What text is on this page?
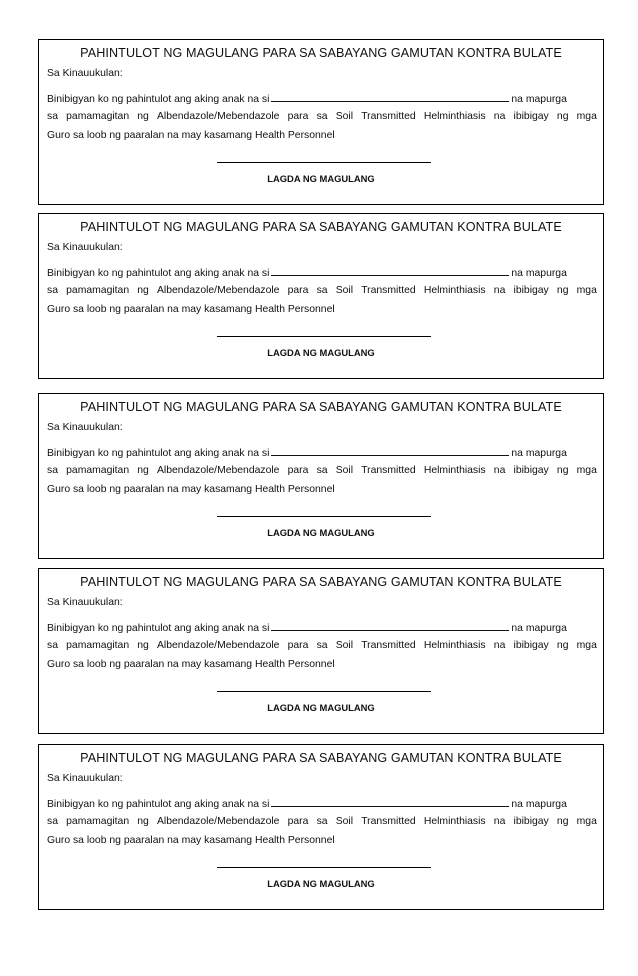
PAHINTULOT NG MAGULANG PARA SA SABAYANG GAMUTAN KONTRA BULATE
Sa Kinauukulan:
Binibigyan ko ng pahintulot ang aking anak na si	na mapurga
sa pamamagitan ng Albendazole/Mebendazole para sa Soil Transmitted Helminthiasis na ibibigay ng mga
Guro sa loob ng paaralan na may kasamang Health Personnel
LAGDA NG MAGULANG
PAHINTULOT NG MAGULANG PARA SA SABAYANG GAMUTAN KONTRA BULATE
Sa Kinauukulan:
Binibigyan ko ng pahintulot ang aking anak na si	na mapurga
sa pamamagitan ng Albendazole/Mebendazole para sa Soil Transmitted Helminthiasis na ibibigay ng mga
Guro sa loob ng paaralan na may kasamang Health Personnel
LAGDA NG MAGULANG
PAHINTULOT NG MAGULANG PARA SA SABAYANG GAMUTAN KONTRA BULATE
Sa Kinauukulan:
Binibigyan ko ng pahintulot ang aking anak na si	na mapurga
sa pamamagitan ng Albendazole/Mebendazole para sa Soil Transmitted Helminthiasis na ibibigay ng mga
Guro sa loob ng paaralan na may kasamang Health Personnel
LAGDA NG MAGULANG
PAHINTULOT NG MAGULANG PARA SA SABAYANG GAMUTAN KONTRA BULATE
Sa Kinauukulan:
Binibigyan ko ng pahintulot ang aking anak na si	na mapurga
sa pamamagitan ng Albendazole/Mebendazole para sa Soil Transmitted Helminthiasis na ibibigay ng mga
Guro sa loob ng paaralan na may kasamang Health Personnel
LAGDA NG MAGULANG
PAHINTULOT NG MAGULANG PARA SA SABAYANG GAMUTAN KONTRA BULATE
Sa Kinauukulan:
Binibigyan ko ng pahintulot ang aking anak na si	na mapurga
sa pamamagitan ng Albendazole/Mebendazole para sa Soil Transmitted Helminthiasis na ibibigay ng mga
Guro sa loob ng paaralan na may kasamang Health Personnel
LAGDA NG MAGULANG
